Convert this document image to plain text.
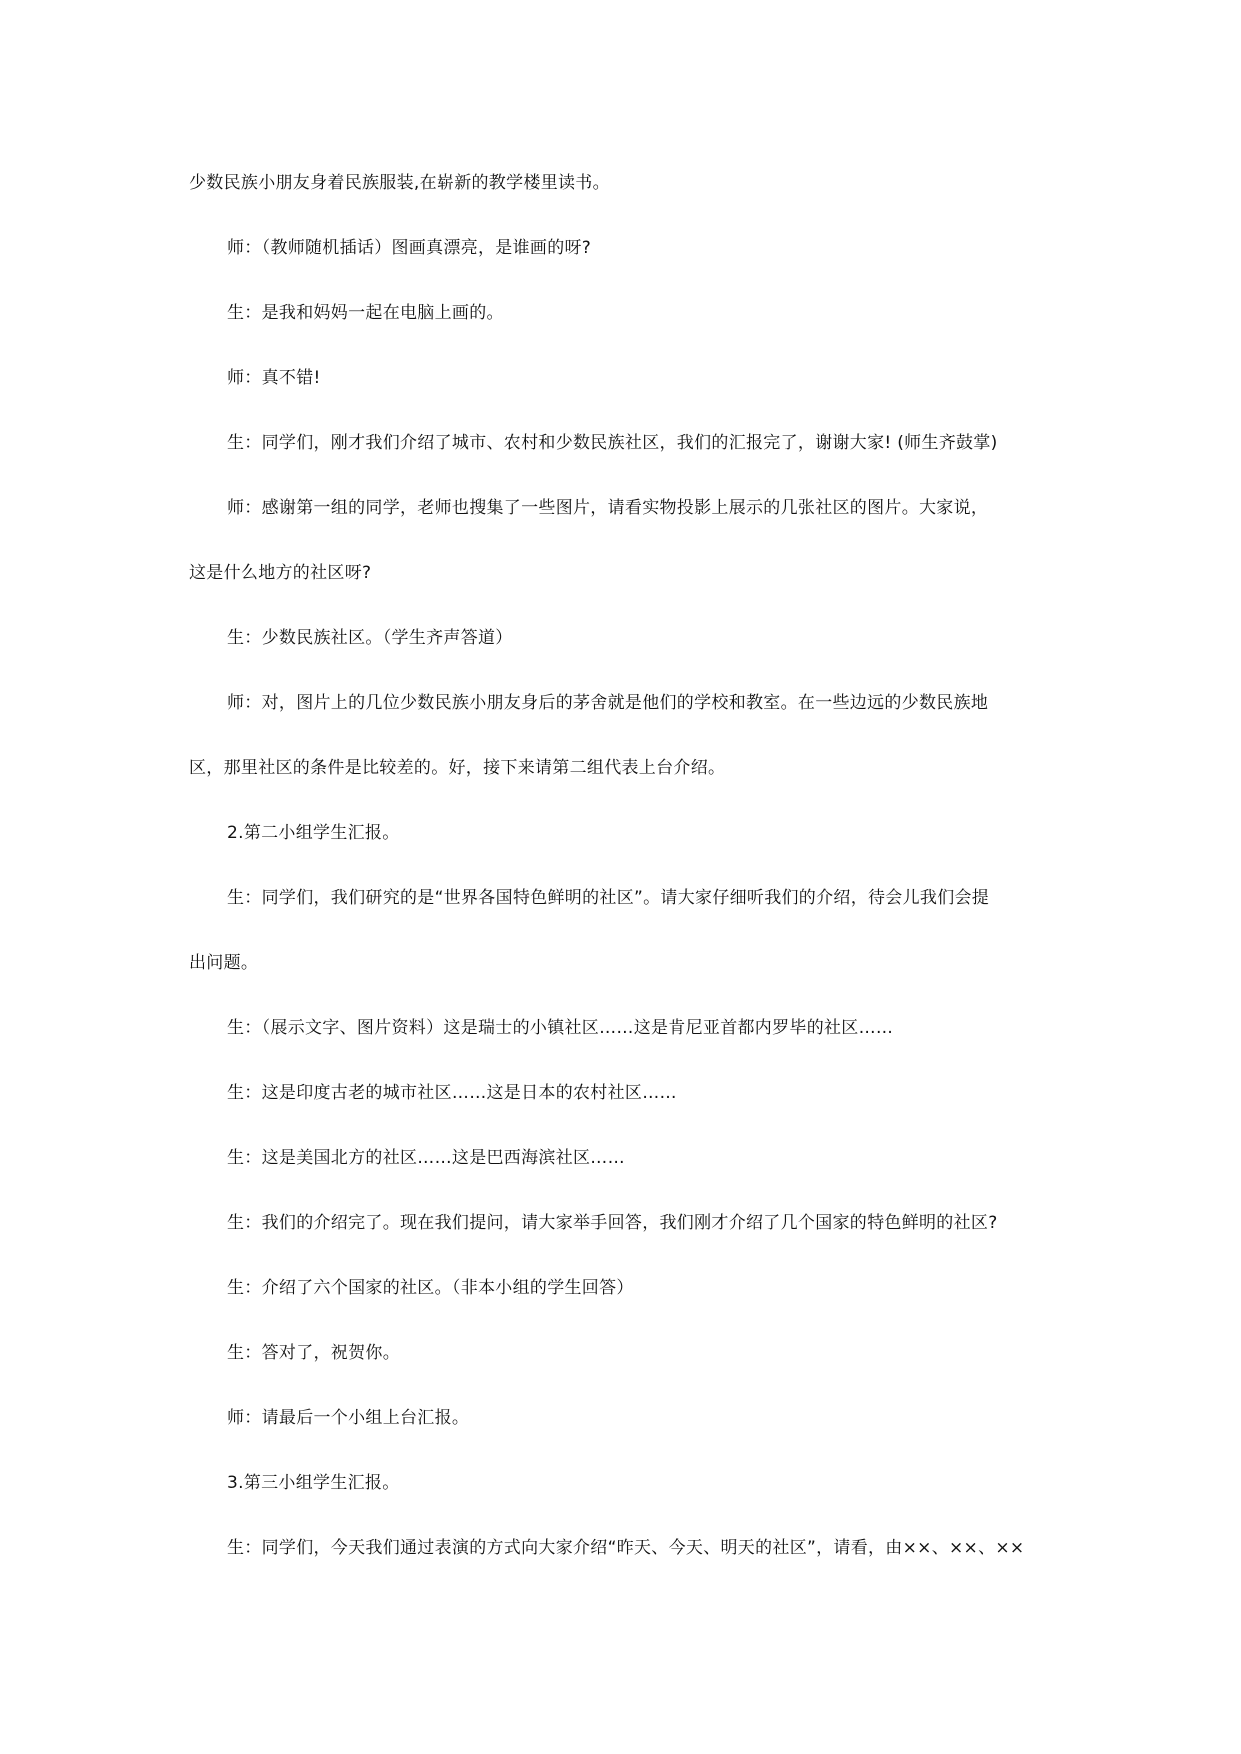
少数民族小朋友身着民族服装,在崭新的教学楼里读书。
师：（教师随机插话）图画真漂亮，是谁画的呀?
生：是我和妈妈一起在电脑上画的。
师：真不错!
生：同学们，刚才我们介绍了城市、农村和少数民族社区，我们的汇报完了，谢谢大家! (师生齐鼓掌)
师：感谢第一组的同学，老师也搜集了一些图片，请看实物投影上展示的几张社区的图片。大家说，
这是什么地方的社区呀?
生：少数民族社区。（学生齐声答道）
师：对，图片上的几位少数民族小朋友身后的茅舍就是他们的学校和教室。在一些边远的少数民族地
区，那里社区的条件是比较差的。好，接下来请第二组代表上台介绍。
2.第二小组学生汇报。
生：同学们，我们研究的是“世界各国特色鲜明的社区”。请大家仔细听我们的介绍，待会儿我们会提
出问题。
生：（展示文字、图片资料）这是瑞士的小镇社区……这是肯尼亚首都内罗毕的社区……
生：这是印度古老的城市社区……这是日本的农村社区……
生：这是美国北方的社区……这是巴西海滨社区……
生：我们的介绍完了。现在我们提问，请大家举手回答，我们刚才介绍了几个国家的特色鲜明的社区?
生：介绍了六个国家的社区。（非本小组的学生回答）
生：答对了，祝贺你。
师：请最后一个小组上台汇报。
3.第三小组学生汇报。
生：同学们，今天我们通过表演的方式向大家介绍“昨天、今天、明天的社区”，请看，由××、××、××
